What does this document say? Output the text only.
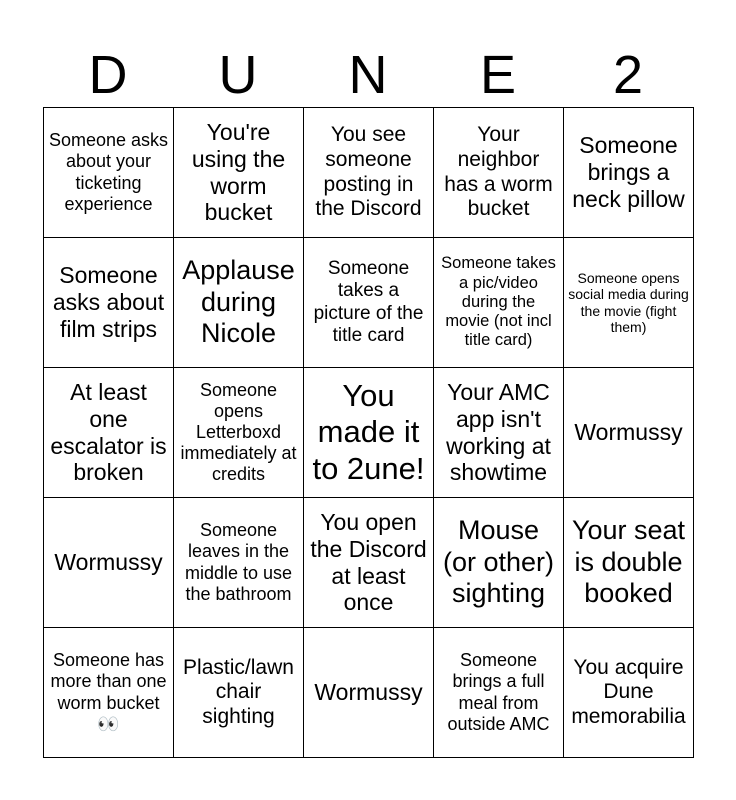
D	U	N	E	2
Someone asks about your ticketing experience	You're using the worm bucket	You see someone posting in the Discord	Your neighbor has a worm bucket	Someone brings a neck pillow
Someone asks about film strips	Applause during Nicole	Someone takes a picture of the title card	Someone takes a pic/video during the movie (not incl title card)	Someone opens social media during the movie (fight them)
At least one escalator is broken	Someone opens Letterboxd immediately at credits	You made it to 2une!	Your AMC app isn't working at showtime	Wormussy
Wormussy	Someone leaves in the middle to use the bathroom	You open the Discord at least once	Mouse (or other) sighting	Your seat is double booked
Someone has more than one worm bucket 👀	Plastic/lawn chair sighting	Wormussy	Someone brings a full meal from outside AMC	You acquire Dune memorabilia
